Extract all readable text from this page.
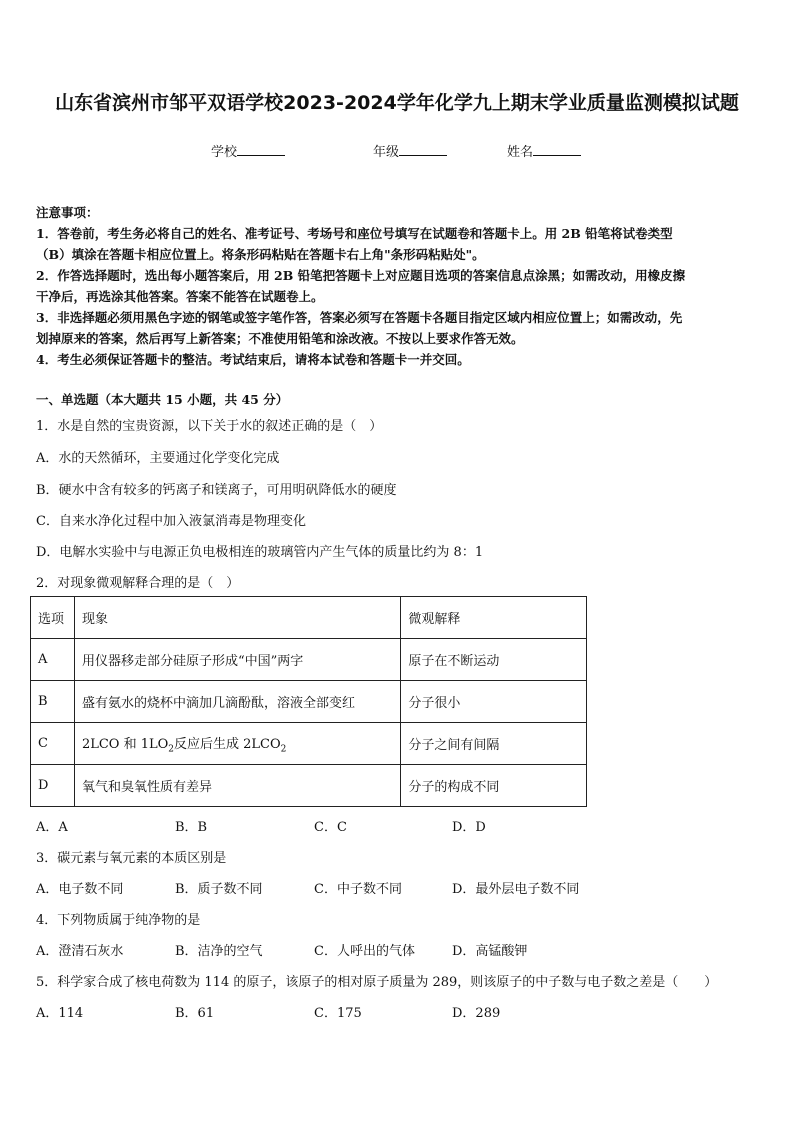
山东省滨州市邹平双语学校2023-2024学年化学九上期末学业质量监测模拟试题
学校	年级	姓名
注意事项：
1．答卷前，考生务必将自己的姓名、准考证号、考场号和座位号填写在试题卷和答题卡上。用 2B 铅笔将试卷类型
（B）填涂在答题卡相应位置上。将条形码粘贴在答题卡右上角"条形码粘贴处"。
2．作答选择题时，选出每小题答案后，用 2B 铅笔把答题卡上对应题目选项的答案信息点涂黑；如需改动，用橡皮擦
干净后，再选涂其他答案。答案不能答在试题卷上。
3．非选择题必须用黑色字迹的钢笔或签字笔作答，答案必须写在答题卡各题目指定区域内相应位置上；如需改动，先
划掉原来的答案，然后再写上新答案；不准使用铅笔和涂改液。不按以上要求作答无效。
4．考生必须保证答题卡的整洁。考试结束后，请将本试卷和答题卡一并交回。
一、单选题（本大题共 15 小题，共 45 分）
1．水是自然的宝贵资源，以下关于水的叙述正确的是（　）
A．水的天然循环，主要通过化学变化完成
B．硬水中含有较多的钙离子和镁离子，可用明矾降低水的硬度
C．自来水净化过程中加入液氯消毒是物理变化
D．电解水实验中与电源正负电极相连的玻璃管内产生气体的质量比约为 8：1
2．对现象微观解释合理的是（　）
选项	现象	微观解释
A	用仪器移走部分硅原子形成“中国”两字	原子在不断运动
B	盛有氨水的烧杯中滴加几滴酚酞，溶液全部变红	分子很小
C	2LCO 和 $1LO_2$反应后生成 $2LCO_2$	分子之间有间隔
D	氧气和臭氧性质有差异	分子的构成不同
A．A	B．B	C．C	D．D
3．碳元素与氧元素的本质区别是
A．电子数不同	B．质子数不同	C．中子数不同	D．最外层电子数不同
4．下列物质属于纯净物的是
A．澄清石灰水	B．洁净的空气	C．人呼出的气体	D．高锰酸钾
5．科学家合成了核电荷数为 114 的原子，该原子的相对原子质量为 289，则该原子的中子数与电子数之差是（　　）
A．114	B．61	C．175	D．289
